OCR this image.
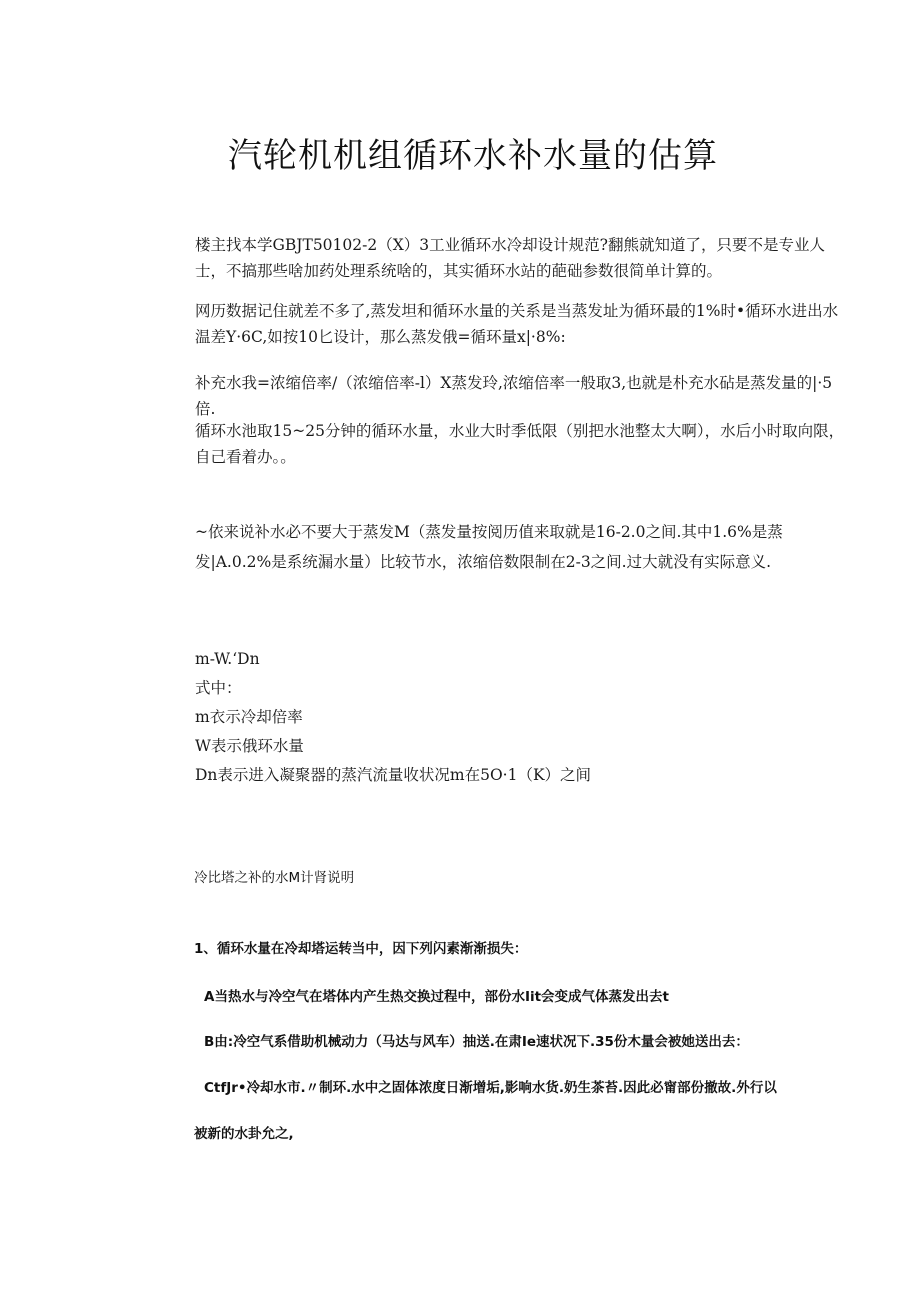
汽轮机机组循环水补水量的估算

楼主找本学GBJT50102-2（X）3工业循环水冷却设计规范?翻熊就知道了，只要不是专业人士，不搞那些啥加药处理系统啥的，其实循环水站的葩础参数很简单计算的。

网历数据记住就差不多了,蒸发坦和循环水量的关系是当蒸发址为循环最的1%时•循环水进出水温差Y·6C,如按10匕设计，那么蒸发俄=循环量x|·8%:

补充水我=浓缩倍率/（浓缩倍率-l）X蒸发玲,浓缩倍率一般取3,也就是朴充水砧是蒸发量的|·5倍.

循环水池取15~25分钟的循环水量，水业大时季低限（别把水池整太大啊），水后小时取向限，自己看着办。。

~依来说补水必不要大于蒸发M（蒸发量按阅历值来取就是16-2.0之间.其中1.6%是蒸发|A.0.2%是系统漏水量）比较节水，浓缩倍数限制在2-3之间.过大就没有实际意义.

m-W.ʻDn
式中：
m衣示冷却倍率
W表示俄环水量
Dn表示进入凝聚器的蒸汽流量收状况m在5O·1（K）之间

冷比塔之补的水M计肾说明

1、循环水量在冷却塔运转当中，因下列闪素渐渐损失：

A当热水与冷空气在塔体内产生热交换过程中，部份水Iit会变成气体蒸发出去t

B由:冷空气系借助机械动力（马达与风车）抽送.在肃Ie速状况下.35份木量会被她送出去：

CtfJr•冷却水市.〃制环.水中之固体浓度日渐增垢,影响水货.奶生茶苔.因此必甯部份撤故.外行以

被新的水卦允之,
